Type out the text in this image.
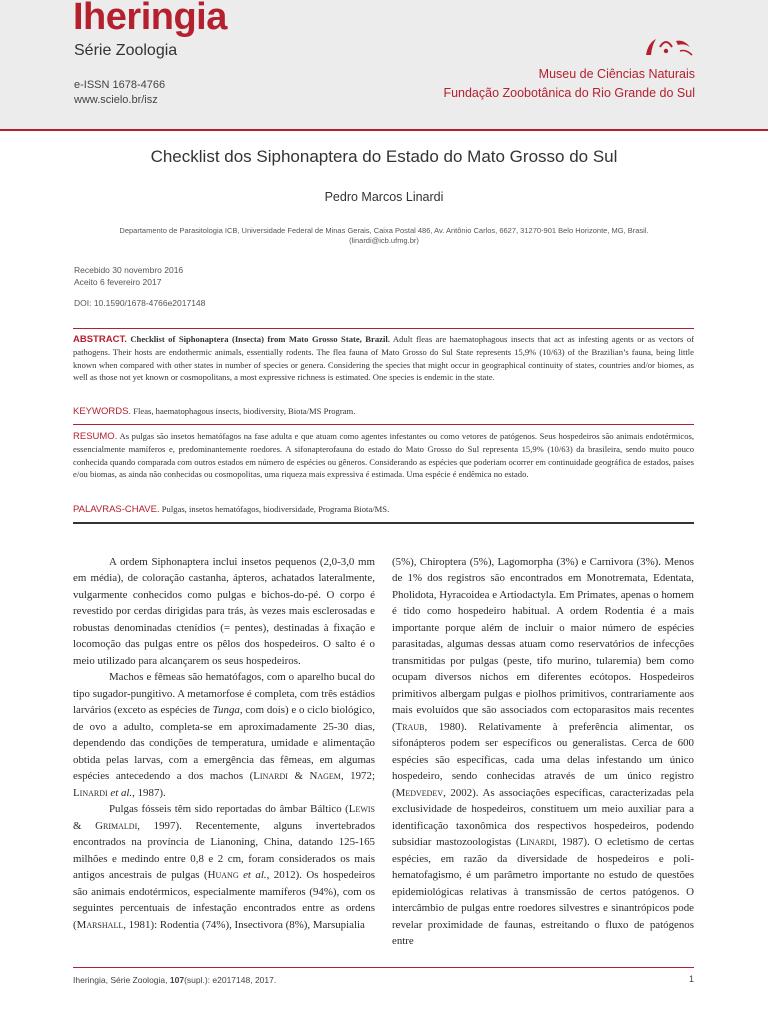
Iheringia
Série Zoologia
e-ISSN 1678-4766
www.scielo.br/isz
Museu de Ciências Naturais
Fundação Zoobotânica do Rio Grande do Sul
Checklist dos Siphonaptera do Estado do Mato Grosso do Sul
Pedro Marcos Linardi
Departamento de Parasitologia ICB, Universidade Federal de Minas Gerais, Caixa Postal 486, Av. Antônio Carlos, 6627, 31270-901 Belo Horizonte, MG, Brasil.
(linardi@icb.ufmg.br)
Recebido 30 novembro 2016
Aceito 6 fevereiro 2017
DOI: 10.1590/1678-4766e2017148
ABSTRACT. Checklist of Siphonaptera (Insecta) from Mato Grosso State, Brazil. Adult fleas are haematophagous insects that act as infesting agents or as vectors of pathogens. Their hosts are endothermic animals, essentially rodents. The flea fauna of Mato Grosso do Sul State represents 15,9% (10/63) of the Brazilian’s fauna, being little known when compared with other states in number of species or genera. Considering the species that might occur in geographical continuity of states, countries and/or biomes, as well as those not yet known or cosmopolitans, a most expressive richness is estimated. One species is endemic in the state.
KEYWORDS. Fleas, haematophagous insects, biodiversity, Biota/MS Program.
RESUMO. As pulgas são insetos hematófagos na fase adulta e que atuam como agentes infestantes ou como vetores de patógenos. Seus hospedeiros são animais endotérmicos, essencialmente mamíferos e, predominantemente roedores. A sifonapterofauna do estado do Mato Grosso do Sul representa 15,9% (10/63) da brasileira, sendo muito pouco conhecida quando comparada com outros estados em número de espécies ou gêneros. Considerando as espécies que poderiam ocorrer em continuidade geográfica de estados, países e/ou biomas, as ainda não conhecidas ou cosmopolitas, uma riqueza mais expressiva é estimada. Uma espécie é endêmica no estado.
PALAVRAS-CHAVE. Pulgas, insetos hematófagos, biodiversidade, Programa Biota/MS.

A ordem Siphonaptera inclui insetos pequenos (2,0-3,0 mm em média), de coloração castanha, ápteros, achatados lateralmente, vulgarmente conhecidos como pulgas e bichos-do-pé. O corpo é revestido por cerdas dirigidas para trás, às vezes mais esclerosadas e robustas denominadas ctenídios (= pentes), destinadas à fixação e locomoção das pulgas entre os pêlos dos hospedeiros. O salto é o meio utilizado para alcançarem os seus hospedeiros.

Machos e fêmeas são hematófagos, com o aparelho bucal do tipo sugador-pungitivo. A metamorfose é completa, com três estádios larvários (exceto as espécies de Tunga, com dois) e o ciclo biológico, de ovo a adulto, completa-se em aproximadamente 25-30 dias, dependendo das condições de temperatura, umidade e alimentação obtida pelas larvas, com a emergência das fêmeas, em algumas espécies antecedendo a dos machos (Linardi & Nagem, 1972; Linardi et al., 1987).

Pulgas fósseis têm sido reportadas do âmbar Báltico (Lewis & Grimaldi, 1997). Recentemente, alguns invertebrados encontrados na província de Lianoning, China, datando 125-165 milhões e medindo entre 0,8 e 2 cm, foram considerados os mais antigos ancestrais de pulgas (Huang et al., 2012). Os hospedeiros são animais endotérmicos, especialmente mamíferos (94%), com os seguintes percentuais de infestação encontrados entre as ordens (Marshall, 1981): Rodentia (74%), Insectivora (8%), Marsupialia

(5%), Chiroptera (5%), Lagomorpha (3%) e Carnivora (3%). Menos de 1% dos registros são encontrados em Monotremata, Edentata, Pholidota, Hyracoidea e Artiodactyla. Em Primates, apenas o homem é tido como hospedeiro habitual. A ordem Rodentia é a mais importante porque além de incluir o maior número de espécies parasitadas, algumas dessas atuam como reservatórios de infecções transmitidas por pulgas (peste, tifo murino, tularemia) bem como ocupam diversos nichos em diferentes ecótopos. Hospedeiros primitivos albergam pulgas e piolhos primitivos, contrariamente aos mais evoluídos que são associados com ectoparasitos mais recentes (Traub, 1980). Relativamente à preferência alimentar, os sifonápteros podem ser específicos ou generalistas. Cerca de 600 espécies são específicas, cada uma delas infestando um único hospedeiro, sendo conhecidas através de um único registro (Medvedev, 2002). As associações específicas, caracterizadas pela exclusividade de hospedeiros, constituem um meio auxiliar para a identificação taxonômica dos respectivos hospedeiros, podendo subsidiar mastozoologistas (Linardi, 1987). O ecletismo de certas espécies, em razão da diversidade de hospedeiros e poli-hematofagismo, é um parâmetro importante no estudo de questões epidemiológicas relativas à transmissão de certos patógenos. O intercâmbio de pulgas entre roedores silvestres e sinantrópicos pode revelar proximidade de faunas, estreitando o fluxo de patógenos entre

Iheringia, Série Zoologia, 107(supl.): e2017148, 2017.	1
